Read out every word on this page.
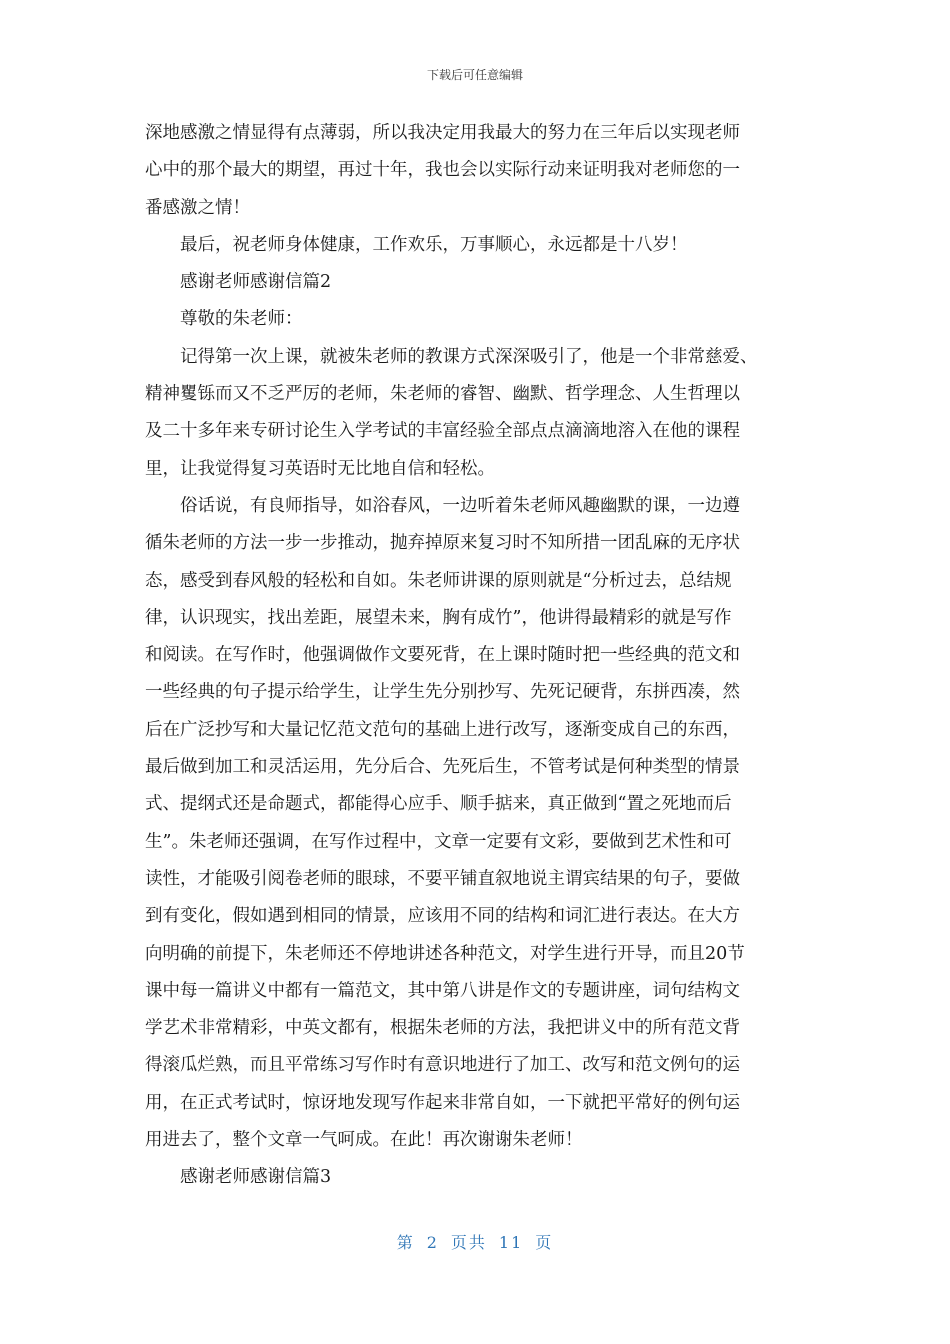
下载后可任意编辑
深地感激之情显得有点薄弱，所以我决定用我最大的努力在三年后以实现老师
心中的那个最大的期望，再过十年，我也会以实际行动来证明我对老师您的一
番感激之情！
最后，祝老师身体健康，工作欢乐，万事顺心，永远都是十八岁！
感谢老师感谢信篇2
尊敬的朱老师：
记得第一次上课，就被朱老师的教课方式深深吸引了，他是一个非常慈爱、
精神矍铄而又不乏严厉的老师，朱老师的睿智、幽默、哲学理念、人生哲理以
及二十多年来专研讨论生入学考试的丰富经验全部点点滴滴地溶入在他的课程
里，让我觉得复习英语时无比地自信和轻松。
俗话说，有良师指导，如浴春风，一边听着朱老师风趣幽默的课，一边遵
循朱老师的方法一步一步推动，抛弃掉原来复习时不知所措一团乱麻的无序状
态，感受到春风般的轻松和自如。朱老师讲课的原则就是“分析过去，总结规
律，认识现实，找出差距，展望未来，胸有成竹”，他讲得最精彩的就是写作
和阅读。在写作时，他强调做作文要死背，在上课时随时把一些经典的范文和
一些经典的句子提示给学生，让学生先分别抄写、先死记硬背，东拼西凑，然
后在广泛抄写和大量记忆范文范句的基础上进行改写，逐渐变成自己的东西，
最后做到加工和灵活运用，先分后合、先死后生，不管考试是何种类型的情景
式、提纲式还是命题式，都能得心应手、顺手掂来，真正做到“置之死地而后
生”。朱老师还强调，在写作过程中，文章一定要有文彩，要做到艺术性和可
读性，才能吸引阅卷老师的眼球，不要平铺直叙地说主谓宾结果的句子，要做
到有变化，假如遇到相同的情景，应该用不同的结构和词汇进行表达。在大方
向明确的前提下，朱老师还不停地讲述各种范文，对学生进行开导，而且20节
课中每一篇讲义中都有一篇范文，其中第八讲是作文的专题讲座，词句结构文
学艺术非常精彩，中英文都有，根据朱老师的方法，我把讲义中的所有范文背
得滚瓜烂熟，而且平常练习写作时有意识地进行了加工、改写和范文例句的运
用，在正式考试时，惊讶地发现写作起来非常自如，一下就把平常好的例句运
用进去了，整个文章一气呵成。在此！再次谢谢朱老师！
感谢老师感谢信篇3
第 2 页共 11 页
